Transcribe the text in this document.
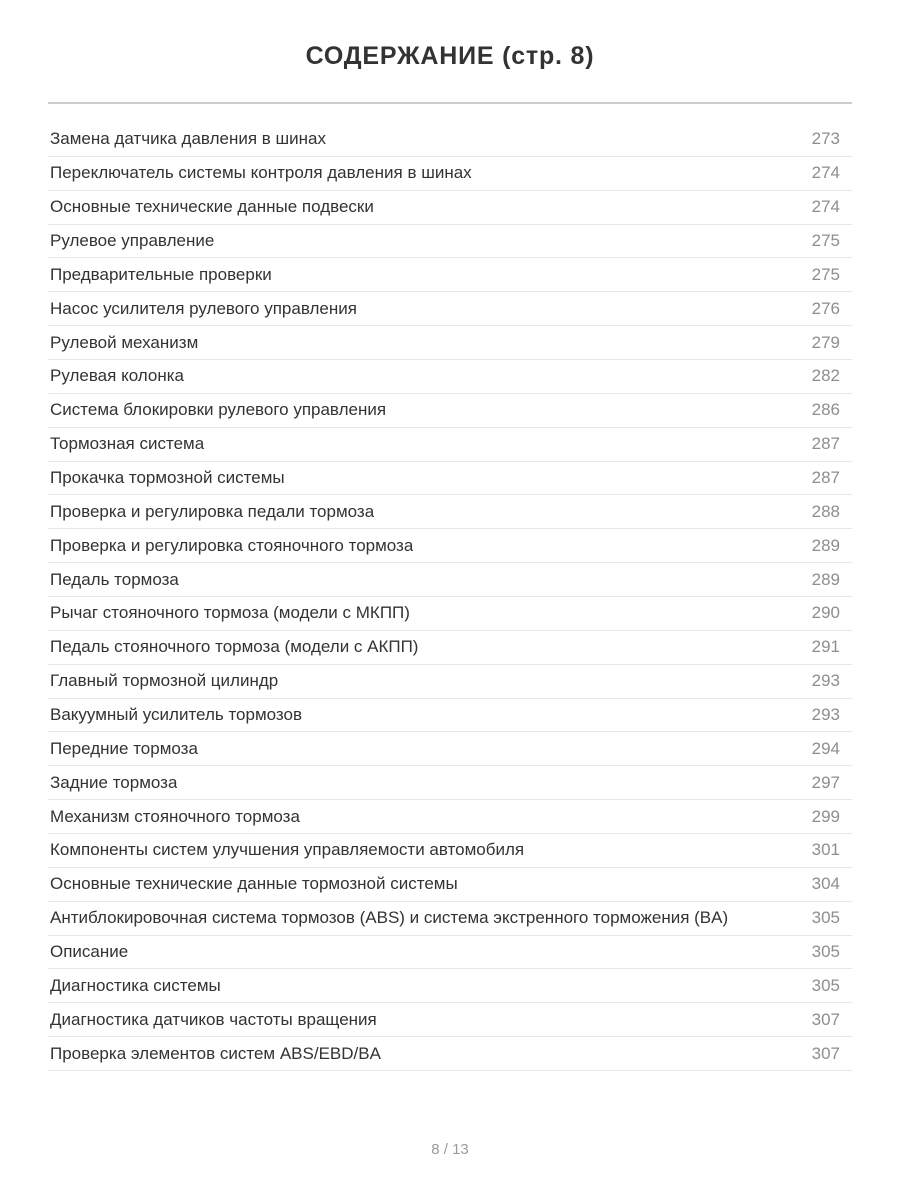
СОДЕРЖАНИЕ (стр. 8)
Замена датчика давления в шинах	273
Переключатель системы контроля давления в шинах	274
Основные технические данные подвески	274
Рулевое управление	275
Предварительные проверки	275
Насос усилителя рулевого управления	276
Рулевой механизм	279
Рулевая колонка	282
Система блокировки рулевого управления	286
Тормозная система	287
Прокачка тормозной системы	287
Проверка и регулировка педали тормоза	288
Проверка и регулировка стояночного тормоза	289
Педаль тормоза	289
Рычаг стояночного тормоза (модели с МКПП)	290
Педаль стояночного тормоза (модели с АКПП)	291
Главный тормозной цилиндр	293
Вакуумный усилитель тормозов	293
Передние тормоза	294
Задние тормоза	297
Механизм стояночного тормоза	299
Компоненты систем улучшения управляемости автомобиля	301
Основные технические данные тормозной системы	304
Антиблокировочная система тормозов (ABS) и система экстренного торможения (BA)	305
Описание	305
Диагностика системы	305
Диагностика датчиков частоты вращения	307
Проверка элементов систем ABS/EBD/BA	307
8 / 13
